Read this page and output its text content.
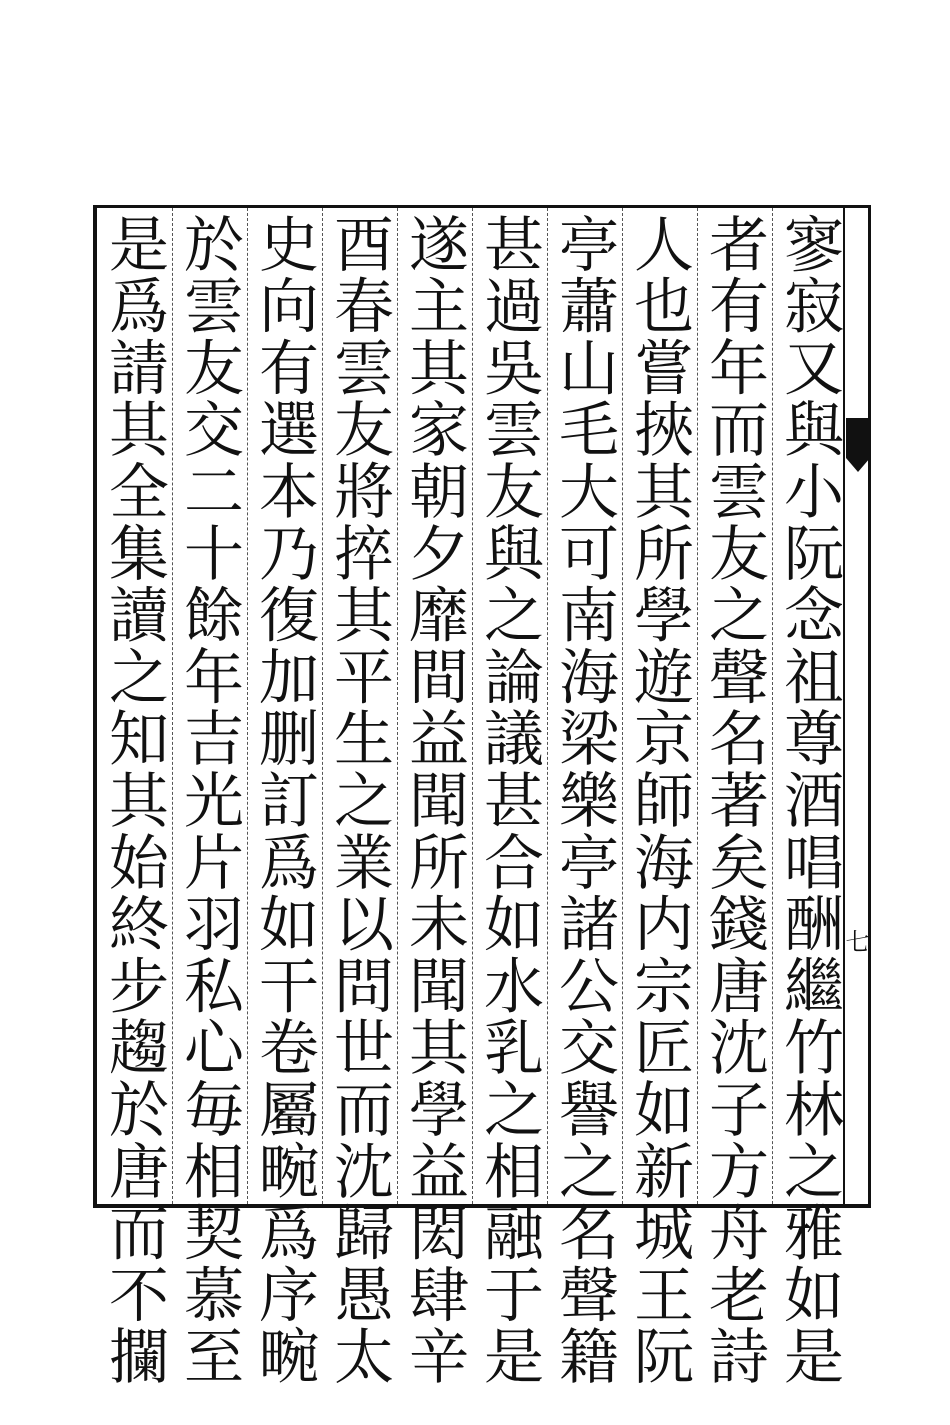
七
寥寂又與小阮念祖尊酒唱酬繼竹林之雅如是
者有年而雲友之聲名著矣錢唐沈子方舟老詩
人也嘗挾其所學遊京師海内宗匠如新城王阮
亭蕭山毛大可南海梁樂亭諸公交譽之名聲籍
甚過吳雲友與之論議甚合如水乳之相融于是
遂主其家朝夕靡間益聞所未聞其學益閎肆辛
酉春雲友將捽其平生之業以問世而沈歸愚太
史向有選本乃復加删訂爲如干卷屬畹爲序畹
於雲友交二十餘年吉光片羽私心毎相契慕至
是爲請其全集讀之知其始終步趨於唐而不攔
